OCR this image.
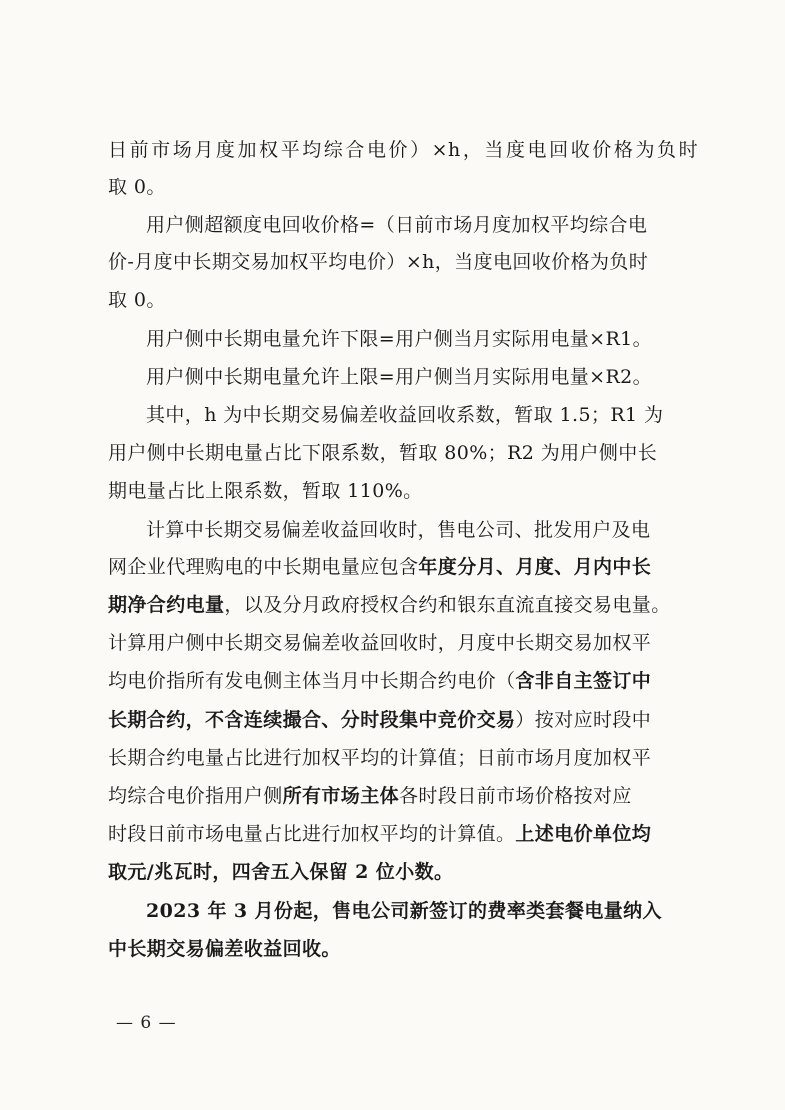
日前市场月度加权平均综合电价）×h，当度电回收价格为负时
取 0。
用户侧超额度电回收价格=（日前市场月度加权平均综合电
价-月度中长期交易加权平均电价）×h，当度电回收价格为负时
取 0。
用户侧中长期电量允许下限=用户侧当月实际用电量×R1。
用户侧中长期电量允许上限=用户侧当月实际用电量×R2。
其中，h 为中长期交易偏差收益回收系数，暂取 1.5；R1 为
用户侧中长期电量占比下限系数，暂取 80%；R2 为用户侧中长
期电量占比上限系数，暂取 110%。
计算中长期交易偏差收益回收时，售电公司、批发用户及电
网企业代理购电的中长期电量应包含年度分月、月度、月内中长
期净合约电量，以及分月政府授权合约和银东直流直接交易电量。
计算用户侧中长期交易偏差收益回收时，月度中长期交易加权平
均电价指所有发电侧主体当月中长期合约电价（含非自主签订中
长期合约，不含连续撮合、分时段集中竞价交易）按对应时段中
长期合约电量占比进行加权平均的计算值；日前市场月度加权平
均综合电价指用户侧所有市场主体各时段日前市场价格按对应
时段日前市场电量占比进行加权平均的计算值。上述电价单位均
取元/兆瓦时，四舍五入保留 2 位小数。
2023 年 3 月份起，售电公司新签订的费率类套餐电量纳入
中长期交易偏差收益回收。
— 6 —
